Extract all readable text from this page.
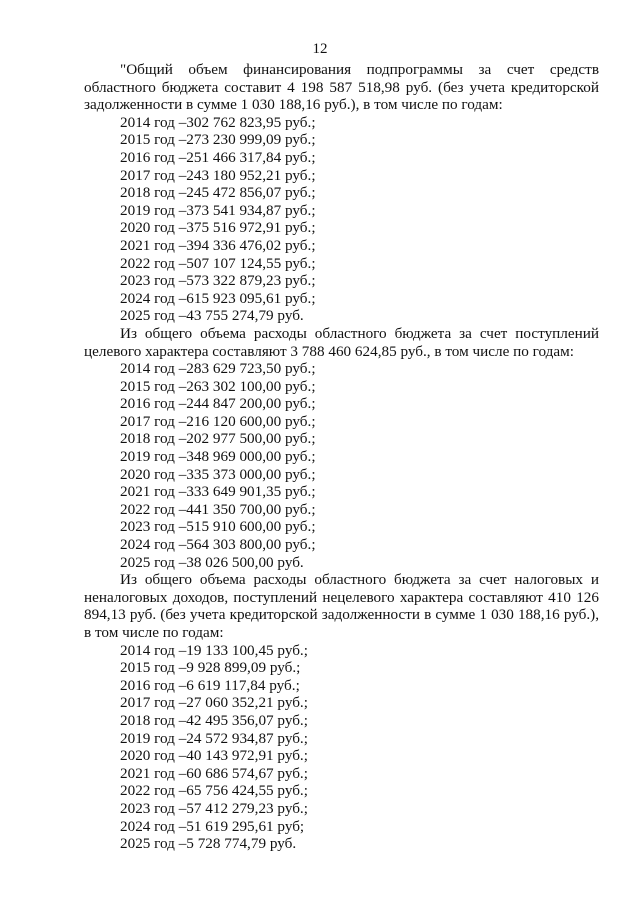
12

"Общий объем финансирования подпрограммы за счет средств областного бюджета составит 4 198 587 518,98 руб. (без учета кредиторской задолженности в сумме 1 030 188,16 руб.), в том числе по годам:

2014 год – 302 762 823,95 руб.;
2015 год – 273 230 999,09 руб.;
2016 год – 251 466 317,84 руб.;
2017 год – 243 180 952,21 руб.;
2018 год – 245 472 856,07 руб.;
2019 год – 373 541 934,87 руб.;
2020 год – 375 516 972,91 руб.;
2021 год – 394 336 476,02 руб.;
2022 год – 507 107 124,55 руб.;
2023 год – 573 322 879,23 руб.;
2024 год – 615 923 095,61 руб.;
2025 год – 43 755 274,79 руб.

Из общего объема расходы областного бюджета за счет поступлений целевого характера составляют 3 788 460 624,85 руб., в том числе по годам:

2014 год – 283 629 723,50 руб.;
2015 год – 263 302 100,00 руб.;
2016 год – 244 847 200,00 руб.;
2017 год – 216 120 600,00 руб.;
2018 год – 202 977 500,00 руб.;
2019 год – 348 969 000,00 руб.;
2020 год – 335 373 000,00 руб.;
2021 год – 333 649 901,35 руб.;
2022 год – 441 350 700,00 руб.;
2023 год – 515 910 600,00 руб.;
2024 год – 564 303 800,00 руб.;
2025 год – 38 026 500,00 руб.

Из общего объема расходы областного бюджета за счет налоговых и неналоговых доходов, поступлений нецелевого характера составляют 410 126 894,13 руб. (без учета кредиторской задолженности в сумме 1 030 188,16 руб.), в том числе по годам:

2014 год – 19 133 100,45 руб.;
2015 год – 9 928 899,09 руб.;
2016 год – 6 619 117,84 руб.;
2017 год – 27 060 352,21 руб.;
2018 год – 42 495 356,07 руб.;
2019 год – 24 572 934,87 руб.;
2020 год – 40 143 972,91 руб.;
2021 год – 60 686 574,67 руб.;
2022 год – 65 756 424,55 руб.;
2023 год – 57 412 279,23 руб.;
2024 год – 51 619 295,61 руб;
2025 год – 5 728 774,79 руб.
